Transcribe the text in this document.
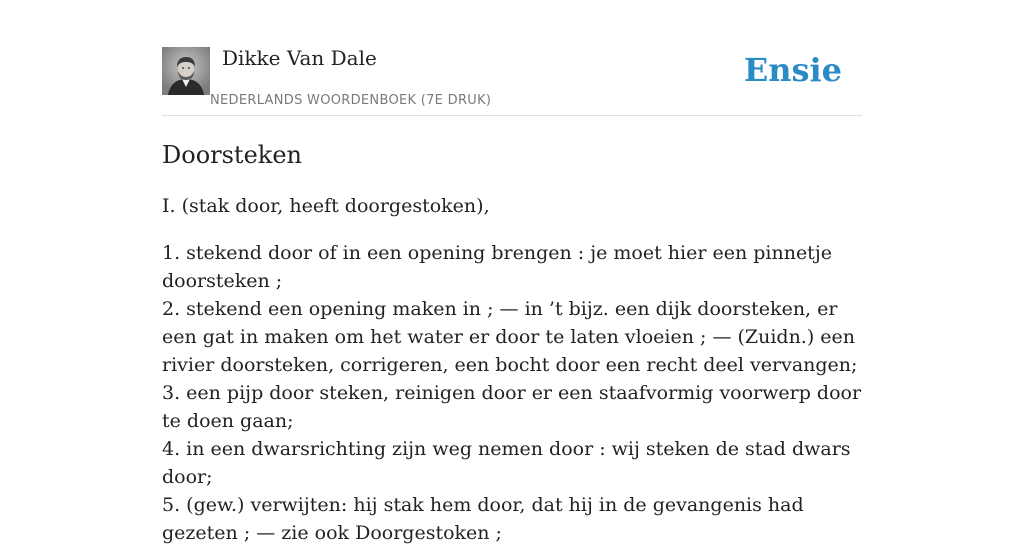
Dikke Van Dale
NEDERLANDS WOORDENBOEK (7E DRUK)
Ensie
Doorsteken

I. (stak door, heeft doorgestoken),

1. stekend door of in een opening brengen : je moet hier een pinnetje doorsteken ;

2. stekend een opening maken in ; — in ’t bijz. een dijk doorsteken, er een gat in maken om het water er door te laten vloeien ; — (Zuidn.) een rivier doorsteken, corrigeren, een bocht door een recht deel vervangen;

3. een pijp door steken, reinigen door er een staafvormig voorwerp door te doen gaan;

4. in een dwarsrichting zijn weg nemen door : wij steken de stad dwars door;

5. (gew.) verwijten: hij stak hem door, dat hij in de gevangenis had gezeten ; — zie ook Doorgestoken ;
